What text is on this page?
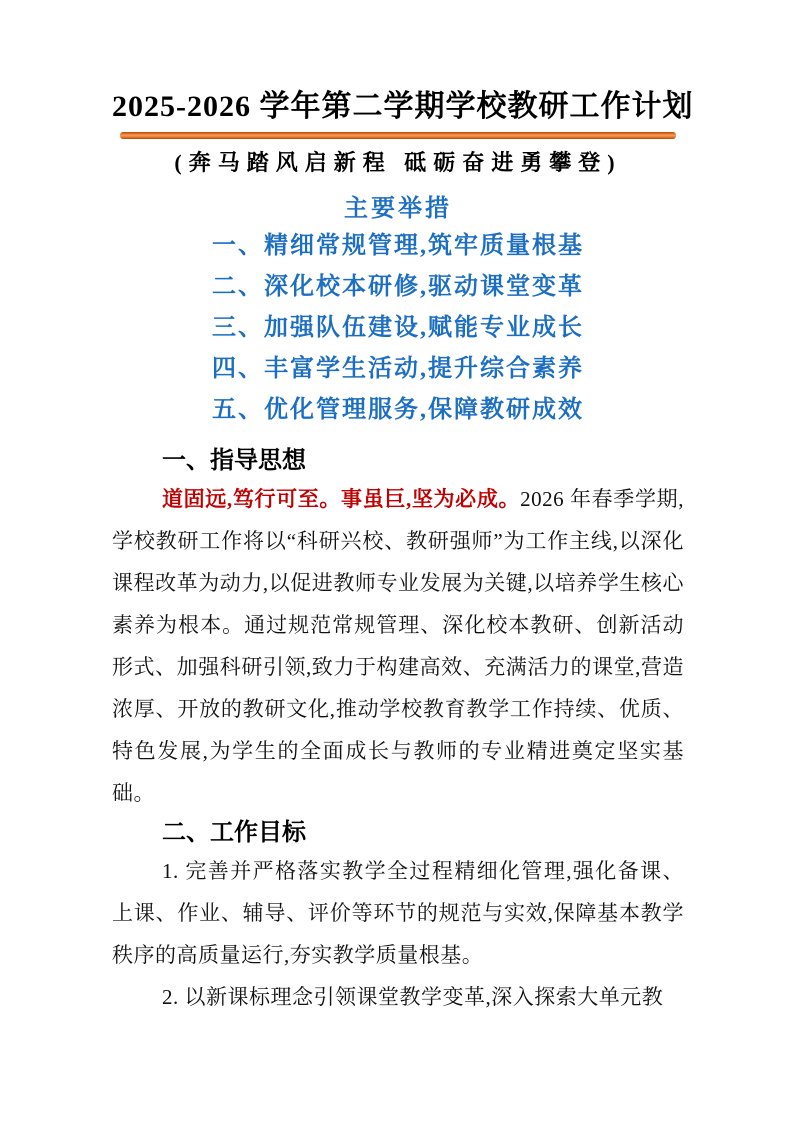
2025-2026 学年第二学期学校教研工作计划
(奔马踏风启新程 砥砺奋进勇攀登)
主要举措
一、精细常规管理,筑牢质量根基
二、深化校本研修,驱动课堂变革
三、加强队伍建设,赋能专业成长
四、丰富学生活动,提升综合素养
五、优化管理服务,保障教研成效
一、指导思想

道固远,笃行可至。事虽巨,坚为必成。2026 年春季学期,学校教研工作将以“科研兴校、教研强师”为工作主线,以深化课程改革为动力,以促进教师专业发展为关键,以培养学生核心素养为根本。通过规范常规管理、深化校本教研、创新活动形式、加强科研引领,致力于构建高效、充满活力的课堂,营造浓厚、开放的教研文化,推动学校教育教学工作持续、优质、特色发展,为学生的全面成长与教师的专业精进奠定坚实基础。

二、工作目标

1. 完善并严格落实教学全过程精细化管理,强化备课、上课、作业、辅导、评价等环节的规范与实效,保障基本教学秩序的高质量运行,夯实教学质量根基。

2. 以新课标理念引领课堂教学变革,深入探索大单元教
